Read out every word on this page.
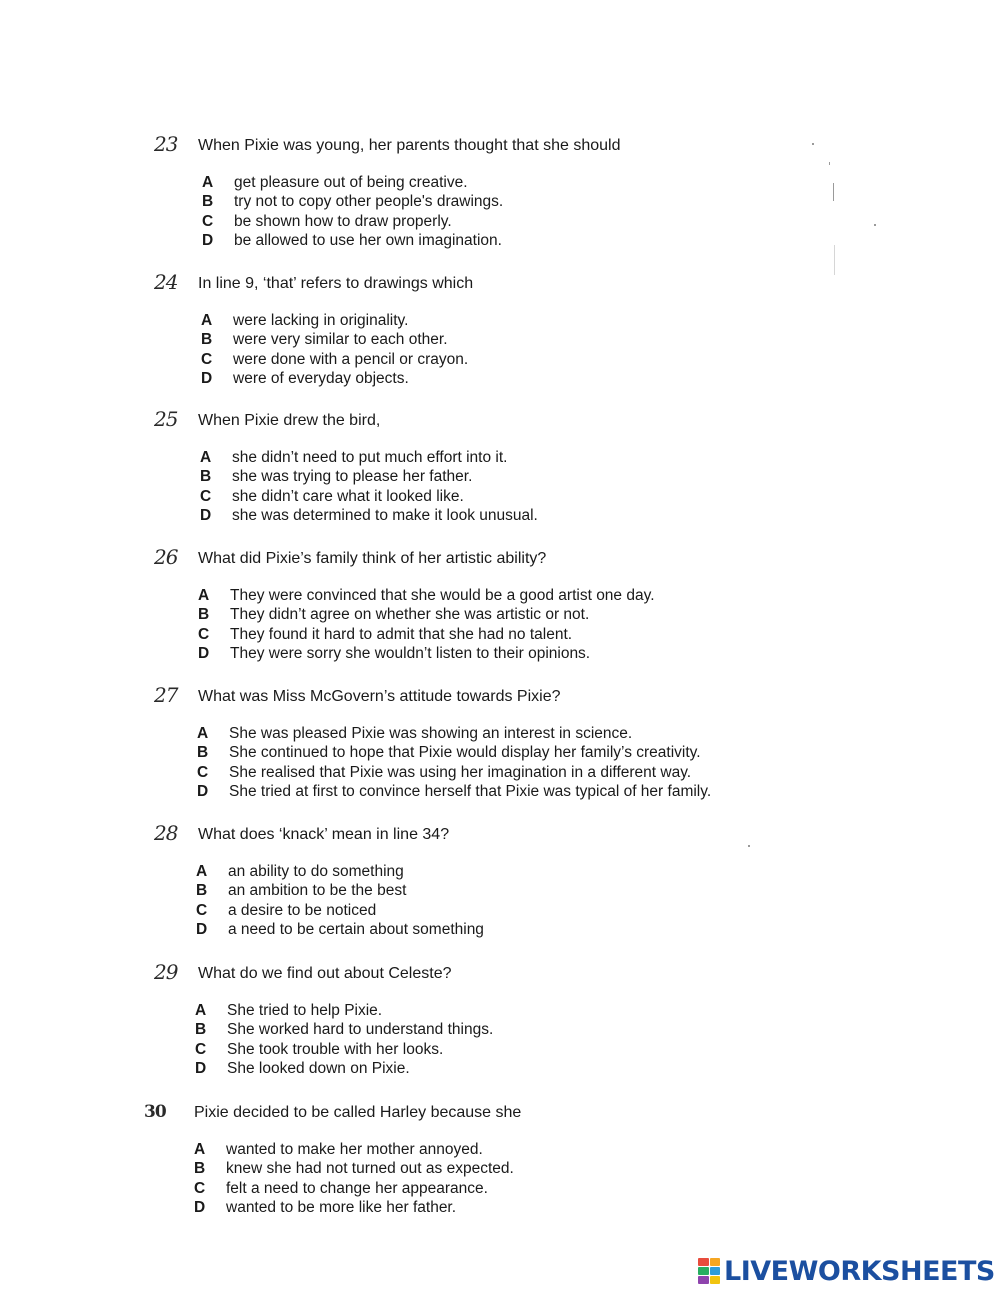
23 When Pixie was young, her parents thought that she should
A get pleasure out of being creative.
B try not to copy other people's drawings.
C be shown how to draw properly.
D be allowed to use her own imagination.
24 In line 9, ‘that’ refers to drawings which
A were lacking in originality.
B were very similar to each other.
C were done with a pencil or crayon.
D were of everyday objects.
25 When Pixie drew the bird,
A she didn’t need to put much effort into it.
B she was trying to please her father.
C she didn’t care what it looked like.
D she was determined to make it look unusual.
26 What did Pixie’s family think of her artistic ability?
A They were convinced that she would be a good artist one day.
B They didn’t agree on whether she was artistic or not.
C They found it hard to admit that she had no talent.
D They were sorry she wouldn’t listen to their opinions.
27 What was Miss McGovern’s attitude towards Pixie?
A She was pleased Pixie was showing an interest in science.
B She continued to hope that Pixie would display her family’s creativity.
C She realised that Pixie was using her imagination in a different way.
D She tried at first to convince herself that Pixie was typical of her family.
28 What does ‘knack’ mean in line 34?
A an ability to do something
B an ambition to be the best
C a desire to be noticed
D a need to be certain about something
29 What do we find out about Celeste?
A She tried to help Pixie.
B She worked hard to understand things.
C She took trouble with her looks.
D She looked down on Pixie.
30 Pixie decided to be called Harley because she
A wanted to make her mother annoyed.
B knew she had not turned out as expected.
C felt a need to change her appearance.
D wanted to be more like her father.
LIVEWORKSHEETS
